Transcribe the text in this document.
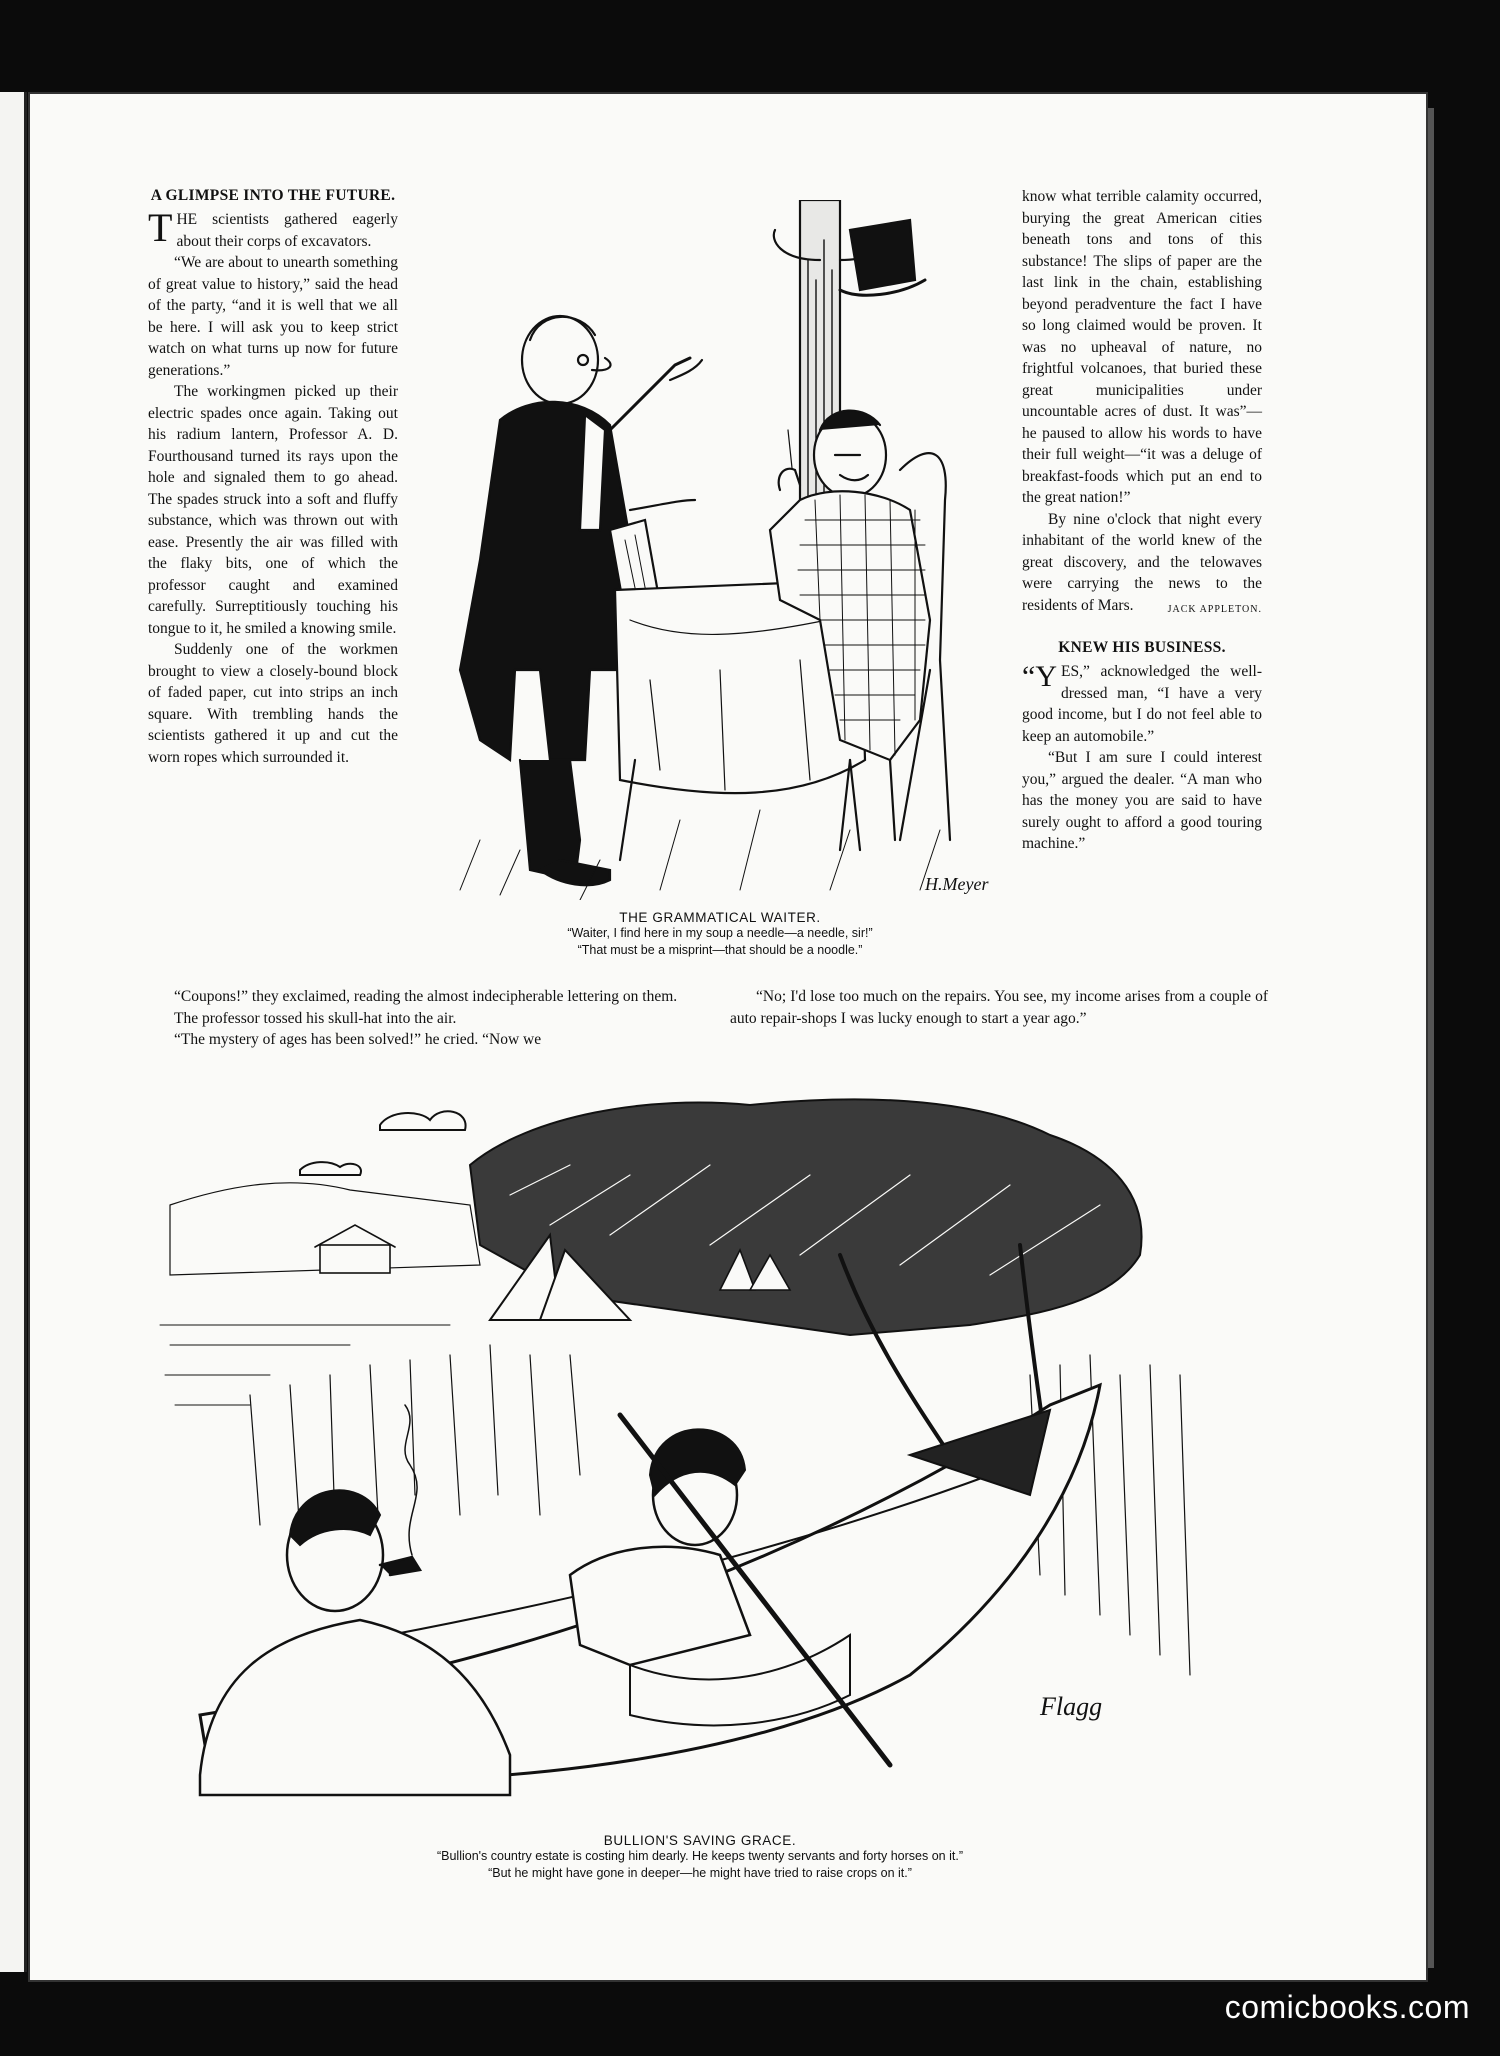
A GLIMPSE INTO THE FUTURE.

THE scientists gathered eagerly about their corps of excavators.

“We are about to unearth something of great value to history,” said the head of the party, “and it is well that we all be here. I will ask you to keep strict watch on what turns up now for future generations.”

The workingmen picked up their electric spades once again. Taking out his radium lantern, Professor A. D. Fourthousand turned its rays upon the hole and signaled them to go ahead. The spades struck into a soft and fluffy substance, which was thrown out with ease. Presently the air was filled with the flaky bits, one of which the professor caught and examined carefully. Surreptitiously touching his tongue to it, he smiled a knowing smile.

Suddenly one of the workmen brought to view a closely-bound block of faded paper, cut into strips an inch square. With trembling hands the scientists gathered it up and cut the worn ropes which surrounded it.

“Coupons!” they exclaimed, reading the almost indecipherable lettering on them.

The professor tossed his skull-hat into the air.

“The mystery of ages has been solved!” he cried. “Now we

know what terrible calamity occurred, burying the great American cities beneath tons and tons of this substance! The slips of paper are the last link in the chain, establishing beyond peradventure the fact I have so long claimed would be proven. It was no upheaval of nature, no frightful volcanoes, that buried these great municipalities under uncountable acres of dust. It was”—he paused to allow his words to have their full weight—“it was a deluge of breakfast-foods which put an end to the great nation!”

By nine o'clock that night every inhabitant of the world knew of the great discovery, and the telowaves were carrying the news to the residents of Mars.	JACK APPLETON.

KNEW HIS BUSINESS.

“YES,” acknowledged the well-dressed man, “I have a very good income, but I do not feel able to keep an automobile.”

“But I am sure I could interest you,” argued the dealer. “A man who has the money you are said to have surely ought to afford a good touring machine.”

“No; I'd lose too much on the repairs. You see, my income arises from a couple of auto repair-shops I was lucky enough to start a year ago.”

H.Meyer
THE GRAMMATICAL WAITER.
“Waiter, I find here in my soup a needle—a needle, sir!”
“That must be a misprint—that should be a noodle.”
Flagg
BULLION'S SAVING GRACE.
“Bullion's country estate is costing him dearly. He keeps twenty servants and forty horses on it.”
“But he might have gone in deeper—he might have tried to raise crops on it.”
comicbooks.com
